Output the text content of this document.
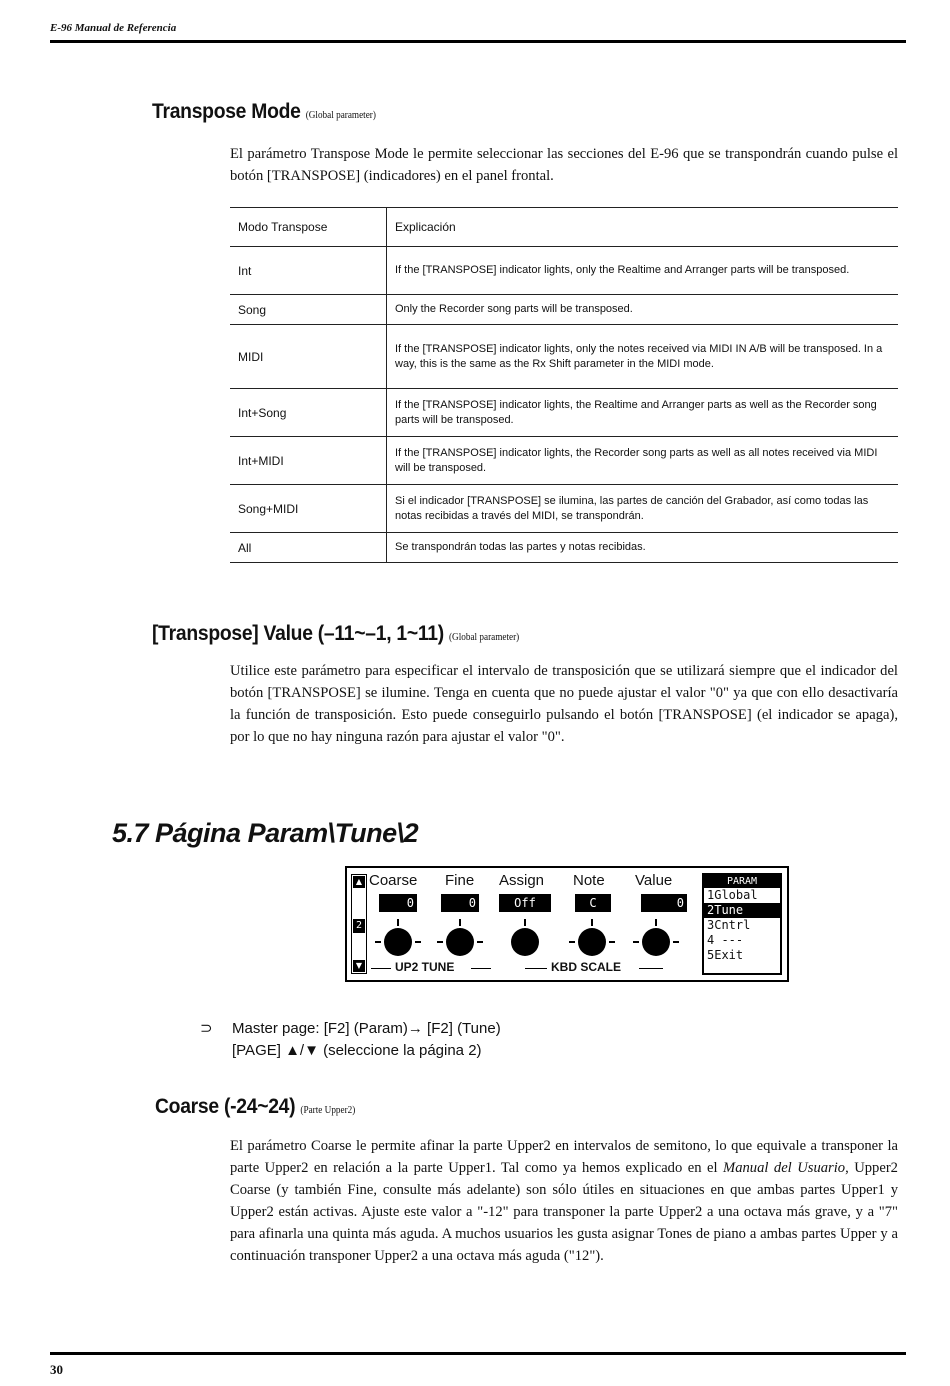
E-96 Manual de Referencia
Transpose Mode (Global parameter)
El parámetro Transpose Mode le permite seleccionar las secciones del E-96 que se transpondrán cuando pulse el botón [TRANSPOSE] (indicadores) en el panel frontal.
Modo Transpose	Explicación
Int	If the [TRANSPOSE] indicator lights, only the Realtime and Arranger parts will be transposed.
Song	Only the Recorder song parts will be transposed.
MIDI	If the [TRANSPOSE] indicator lights, only the notes received via MIDI IN A/B will be transposed. In a way, this is the same as the Rx Shift parameter in the MIDI mode.
Int+Song	If the [TRANSPOSE] indicator lights, the Realtime and Arranger parts as well as the Recorder song parts will be transposed.
Int+MIDI	If the [TRANSPOSE] indicator lights, the Recorder song parts as well as all notes received via MIDI will be transposed.
Song+MIDI	Si el indicador [TRANSPOSE] se ilumina, las partes de canción del Grabador, así como todas las notas recibidas a través del MIDI, se transpondrán.
All	Se transpondrán todas las partes y notas recibidas.
[Transpose] Value (–11~–1, 1~11) (Global parameter)
Utilice este parámetro para especificar el intervalo de transposición que se utilizará siempre que el indicador del botón [TRANSPOSE] se ilumine. Tenga en cuenta que no puede ajustar el valor "0" ya que con ello desactivaría la función de transposición. Esto puede conseguirlo pulsando el botón [TRANSPOSE] (el indicador se apaga), por lo que no hay ninguna razón para ajustar el valor "0".
5.7 Página Param\Tune\2
▲
2
▼
Coarse Fine Assign Note Value
0	0	Off	C	0
UP2 TUNE	KBD SCALE
PARAM
1Global
2Tune
3Cntrl
4 ---
5Exit
⊃ Master page: [F2] (Param)→ [F2] (Tune)
[PAGE] ▲/▼ (seleccione la página 2)
Coarse (-24~24) (Parte Upper2)
El parámetro Coarse le permite afinar la parte Upper2 en intervalos de semitono, lo que equivale a transponer la parte Upper2 en relación a la parte Upper1. Tal como ya hemos explicado en el Manual del Usuario, Upper2 Coarse (y también Fine, consulte más adelante) son sólo útiles en situaciones en que ambas partes Upper1 y Upper2 están activas. Ajuste este valor a "-12" para transponer la parte Upper2 a una octava más grave, y a "7" para afinarla una quinta más aguda. A muchos usuarios les gusta asignar Tones de piano a ambas partes Upper y a continuación transponer Upper2 a una octava más aguda ("12").
30
